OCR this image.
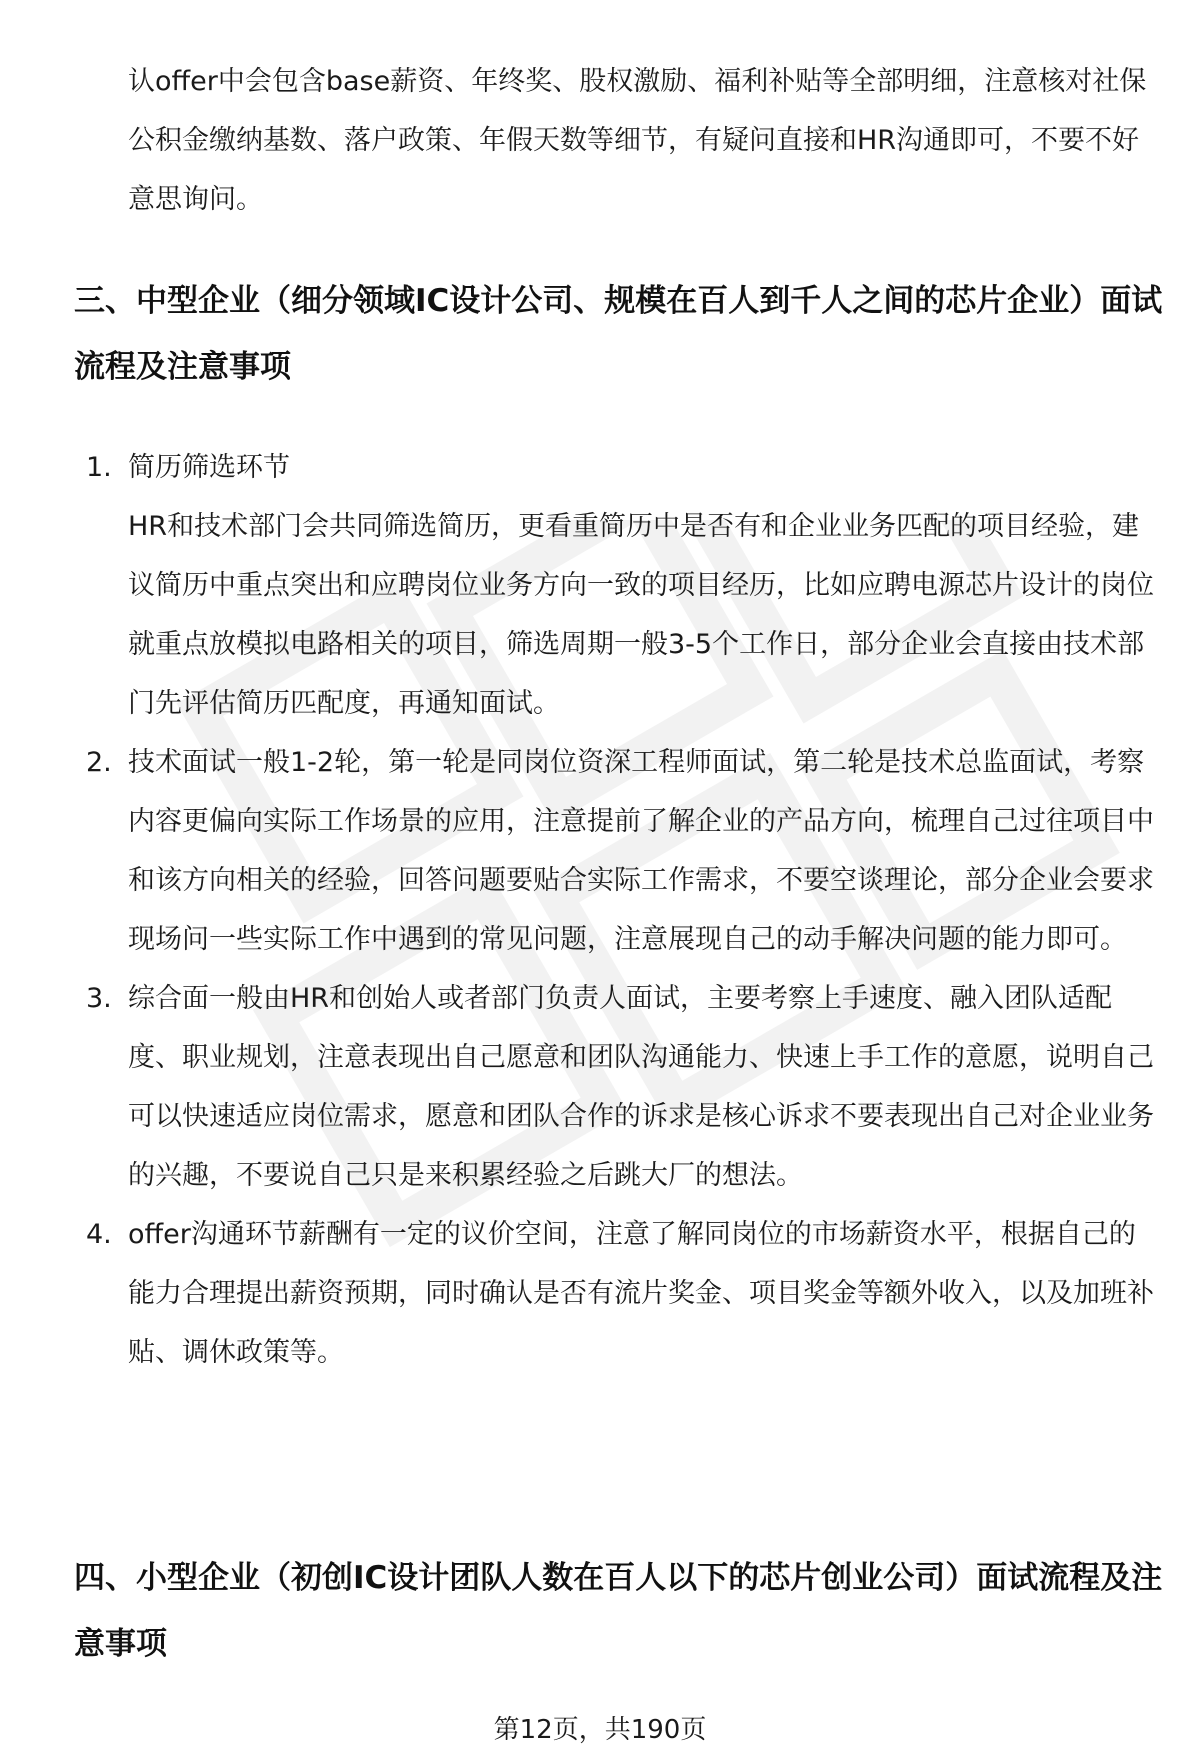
认offer中会包含base薪资、年终奖、股权激励、福利补贴等全部明细，注意核对社保公积金缴纳基数、落户政策、年假天数等细节，有疑问直接和HR沟通即可，不要不好意思询问。

三、中型企业（细分领域IC设计公司、规模在百人到千人之间的芯片企业）面试流程及注意事项
1. 简历筛选环节
HR和技术部门会共同筛选简历，更看重简历中是否有和企业业务匹配的项目经验，建议简历中重点突出和应聘岗位业务方向一致的项目经历，比如应聘电源芯片设计的岗位就重点放模拟电路相关的项目，筛选周期一般3-5个工作日，部分企业会直接由技术部门先评估简历匹配度，再通知面试。
2. 技术面试一般1-2轮，第一轮是同岗位资深工程师面试，第二轮是技术总监面试，考察内容更偏向实际工作场景的应用，注意提前了解企业的产品方向，梳理自己过往项目中和该方向相关的经验，回答问题要贴合实际工作需求，不要空谈理论，部分企业会要求现场问一些实际工作中遇到的常见问题，注意展现自己的动手解决问题的能力即可。
3. 综合面一般由HR和创始人或者部门负责人面试，主要考察上手速度、融入团队适配度、职业规划，注意表现出自己愿意和团队沟通能力、快速上手工作的意愿，说明自己可以快速适应岗位需求，愿意和团队合作的诉求是核心诉求不要表现出自己对企业业务的兴趣，不要说自己只是来积累经验之后跳大厂的想法。
4. offer沟通环节薪酬有一定的议价空间，注意了解同岗位的市场薪资水平，根据自己的能力合理提出薪资预期，同时确认是否有流片奖金、项目奖金等额外收入，以及加班补贴、调休政策等。
四、小型企业（初创IC设计团队人数在百人以下的芯片创业公司）面试流程及注意事项
第12页，共190页
